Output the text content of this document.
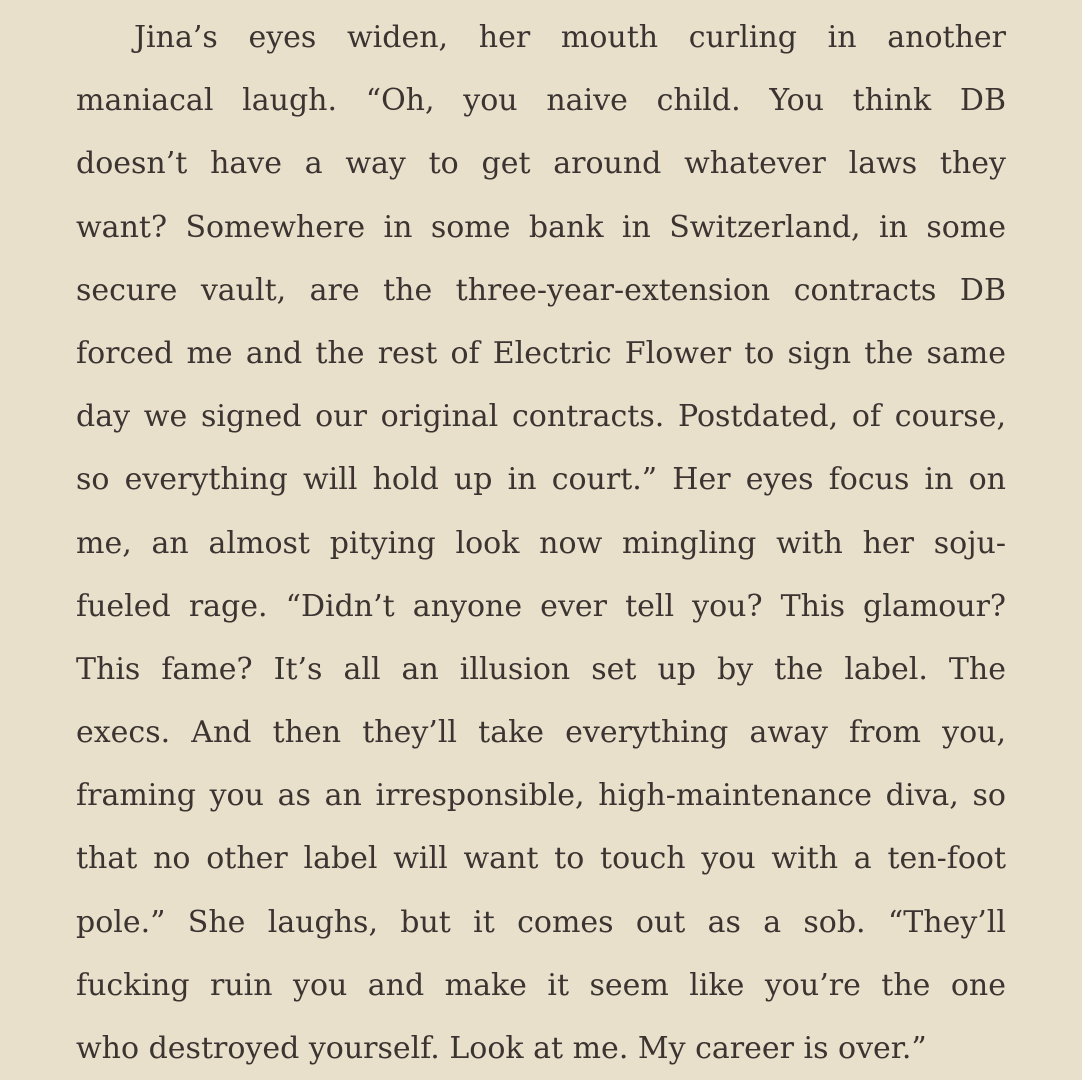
Jina’s eyes widen, her mouth curling in another
maniacal laugh. “Oh, you naive child. You think DB
doesn’t have a way to get around whatever laws they
want? Somewhere in some bank in Switzerland, in some
secure vault, are the three-year-extension contracts DB
forced me and the rest of Electric Flower to sign the same
day we signed our original contracts. Postdated, of course,
so everything will hold up in court.” Her eyes focus in on
me, an almost pitying look now mingling with her soju-
fueled rage. “Didn’t anyone ever tell you? This glamour?
This fame? It’s all an illusion set up by the label. The
execs. And then they’ll take everything away from you,
framing you as an irresponsible, high-maintenance diva, so
that no other label will want to touch you with a ten-foot
pole.” She laughs, but it comes out as a sob. “They’ll
fucking ruin you and make it seem like you’re the one
who destroyed yourself. Look at me. My career is over.”
